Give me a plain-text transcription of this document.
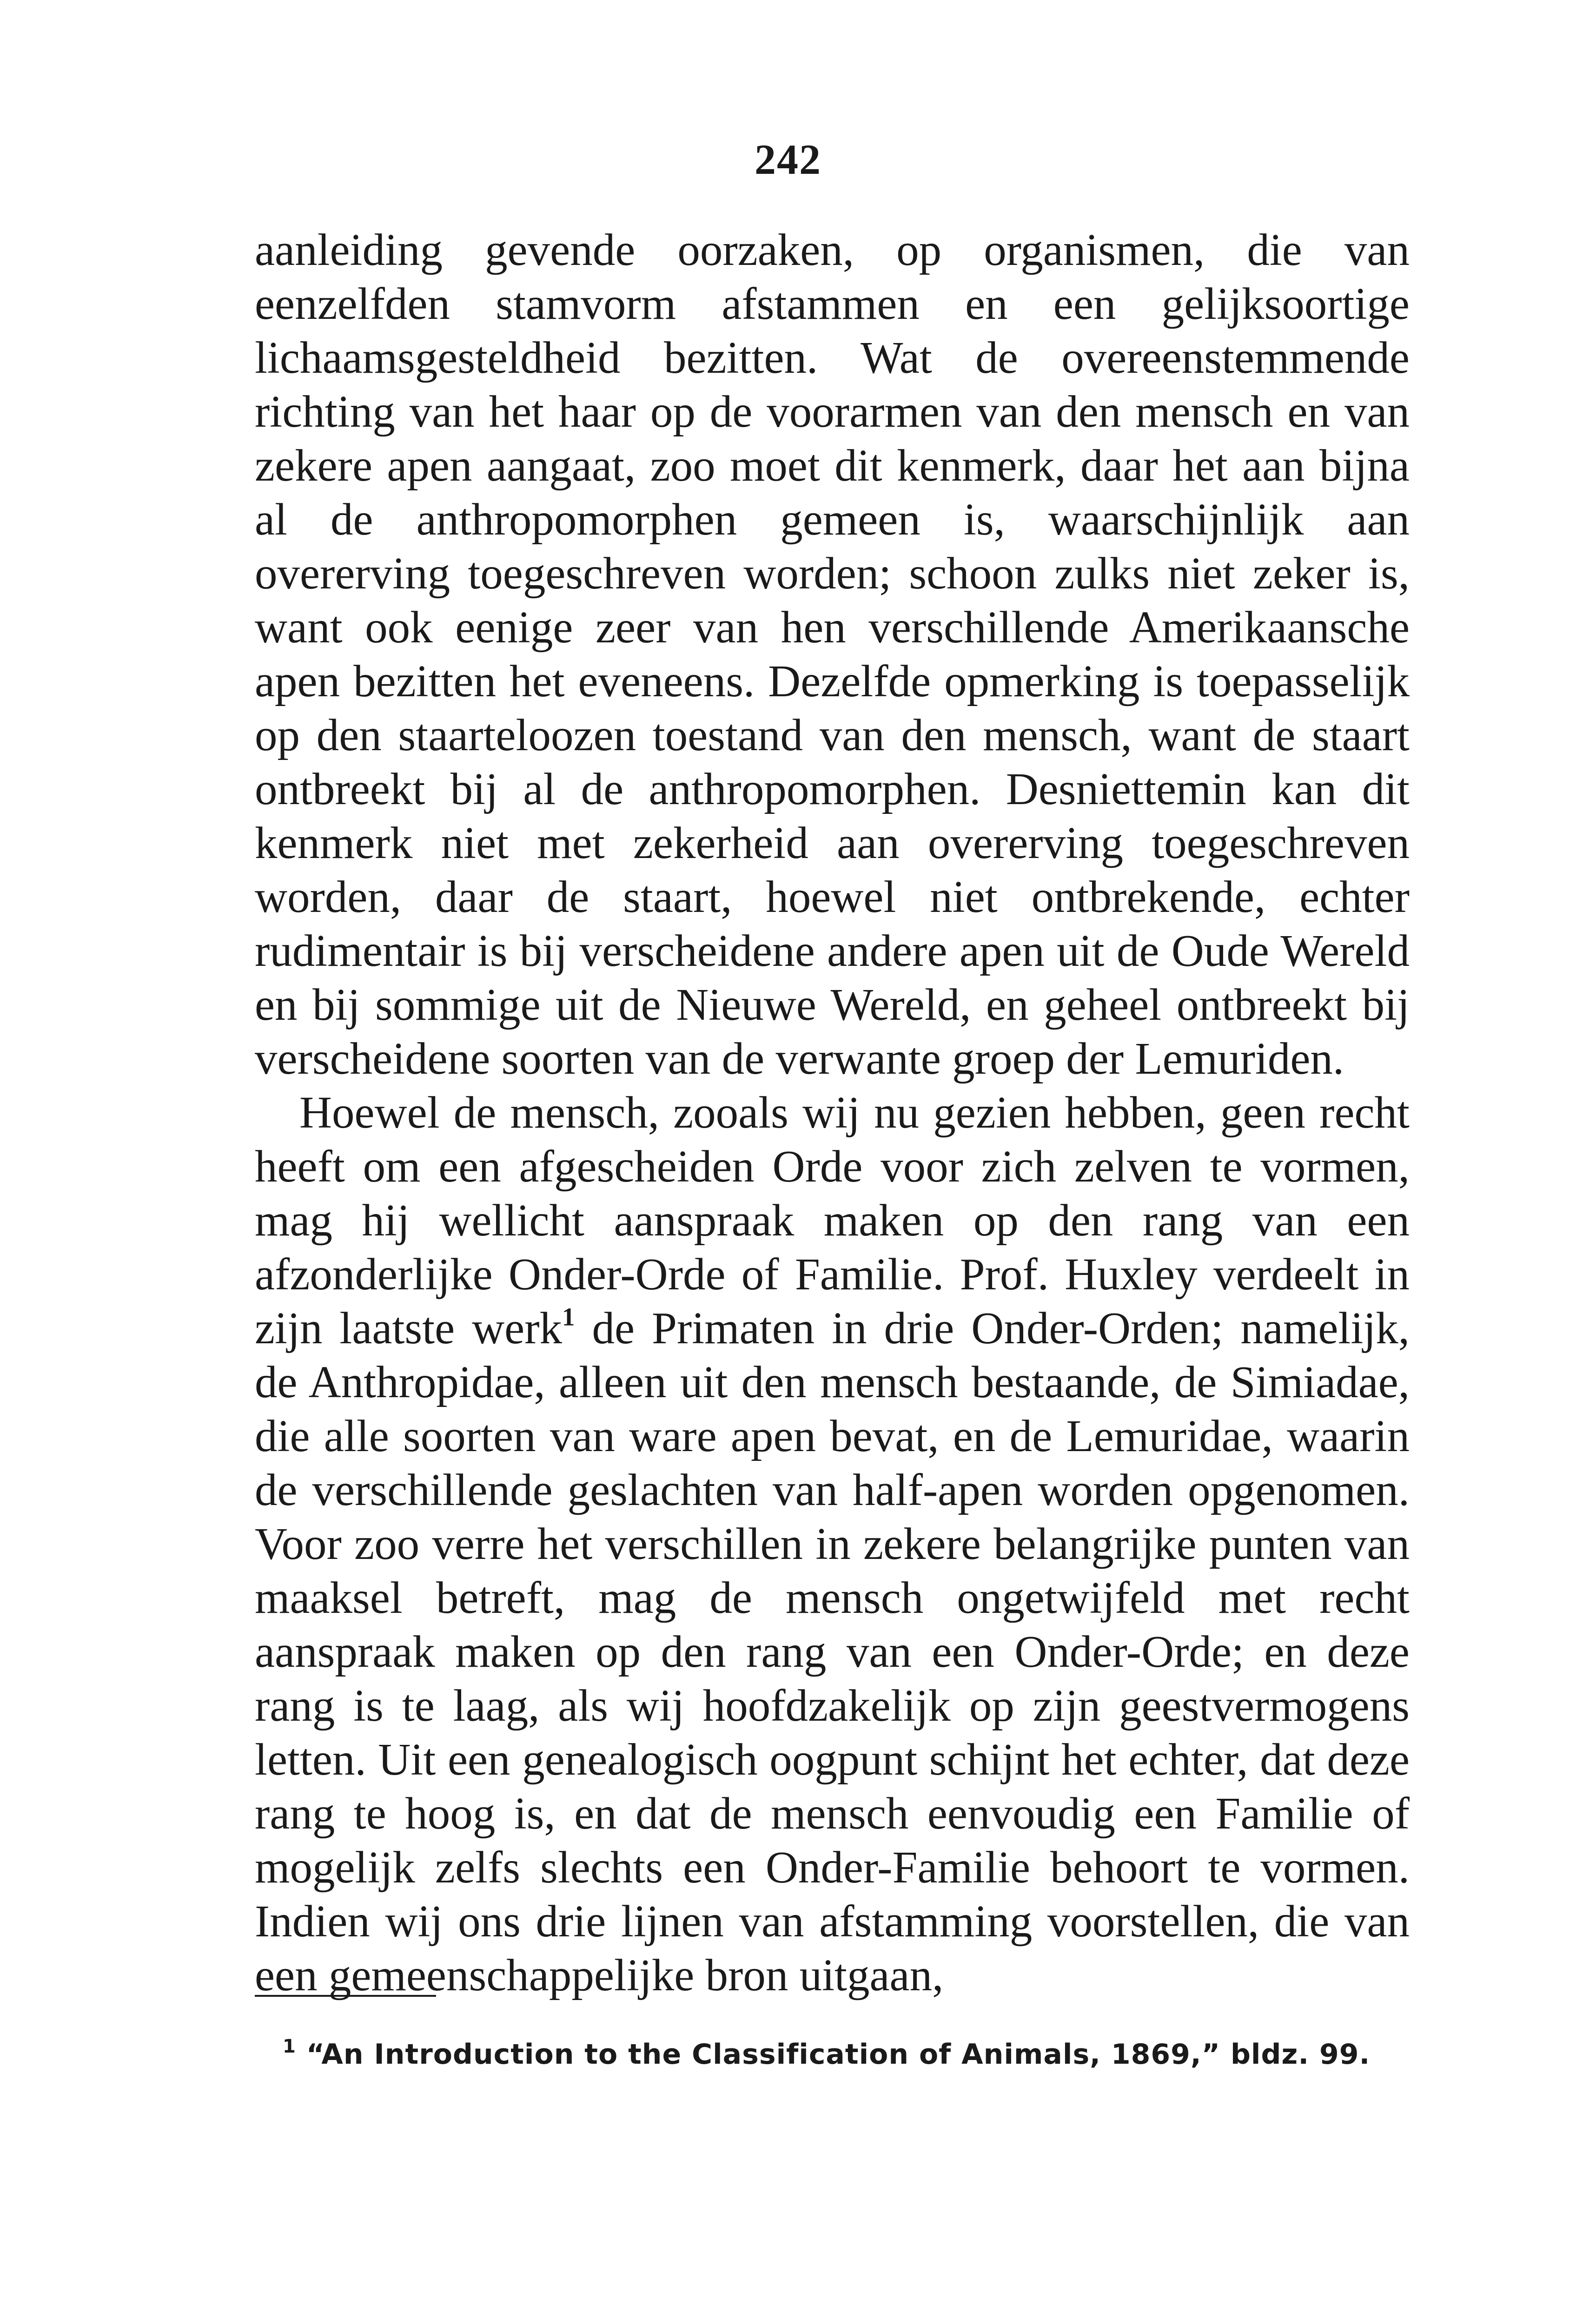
242

aanleiding gevende oorzaken, op organismen, die van eenzelfden stamvorm afstammen en een gelijksoortige lichaamsgesteldheid bezitten. Wat de overeenstemmende richting van het haar op de voorarmen van den mensch en van zekere apen aangaat, zoo moet dit kenmerk, daar het aan bijna al de anthropomorphen gemeen is, waarschijnlijk aan overerving toegeschreven worden; schoon zulks niet zeker is, want ook eenige zeer van hen verschillende Amerikaansche apen bezitten het eveneens. Dezelfde opmerking is toepasselijk op den staarteloozen toestand van den mensch, want de staart ontbreekt bij al de anthropomorphen. Desniettemin kan dit kenmerk niet met zekerheid aan overerving toegeschreven worden, daar de staart, hoewel niet ontbrekende, echter rudimentair is bij verscheidene andere apen uit de Oude Wereld en bij sommige uit de Nieuwe Wereld, en geheel ontbreekt bij verscheidene soorten van de verwante groep der Lemuriden.

Hoewel de mensch, zooals wij nu gezien hebben, geen recht heeft om een afgescheiden Orde voor zich zelven te vormen, mag hij wellicht aanspraak maken op den rang van een afzonderlijke Onder-Orde of Familie. Prof. Huxley verdeelt in zijn laatste werk$^1$ de Primaten in drie Onder-Orden; namelijk, de Anthropidae, alleen uit den mensch bestaande, de Simiadae, die alle soorten van ware apen bevat, en de Lemuridae, waarin de verschillende geslachten van half-apen worden opgenomen. Voor zoo verre het verschillen in zekere belangrijke punten van maaksel betreft, mag de mensch ongetwijfeld met recht aanspraak maken op den rang van een Onder-Orde; en deze rang is te laag, als wij hoofdzakelijk op zijn geestvermogens letten. Uit een genealogisch oogpunt schijnt het echter, dat deze rang te hoog is, en dat de mensch eenvoudig een Familie of mogelijk zelfs slechts een Onder-Familie behoort te vormen. Indien wij ons drie lijnen van afstamming voorstellen, die van een gemeenschappelijke bron uitgaan,

$^1$ “An Introduction to the Classification of Animals, 1869,” bldz. 99.
